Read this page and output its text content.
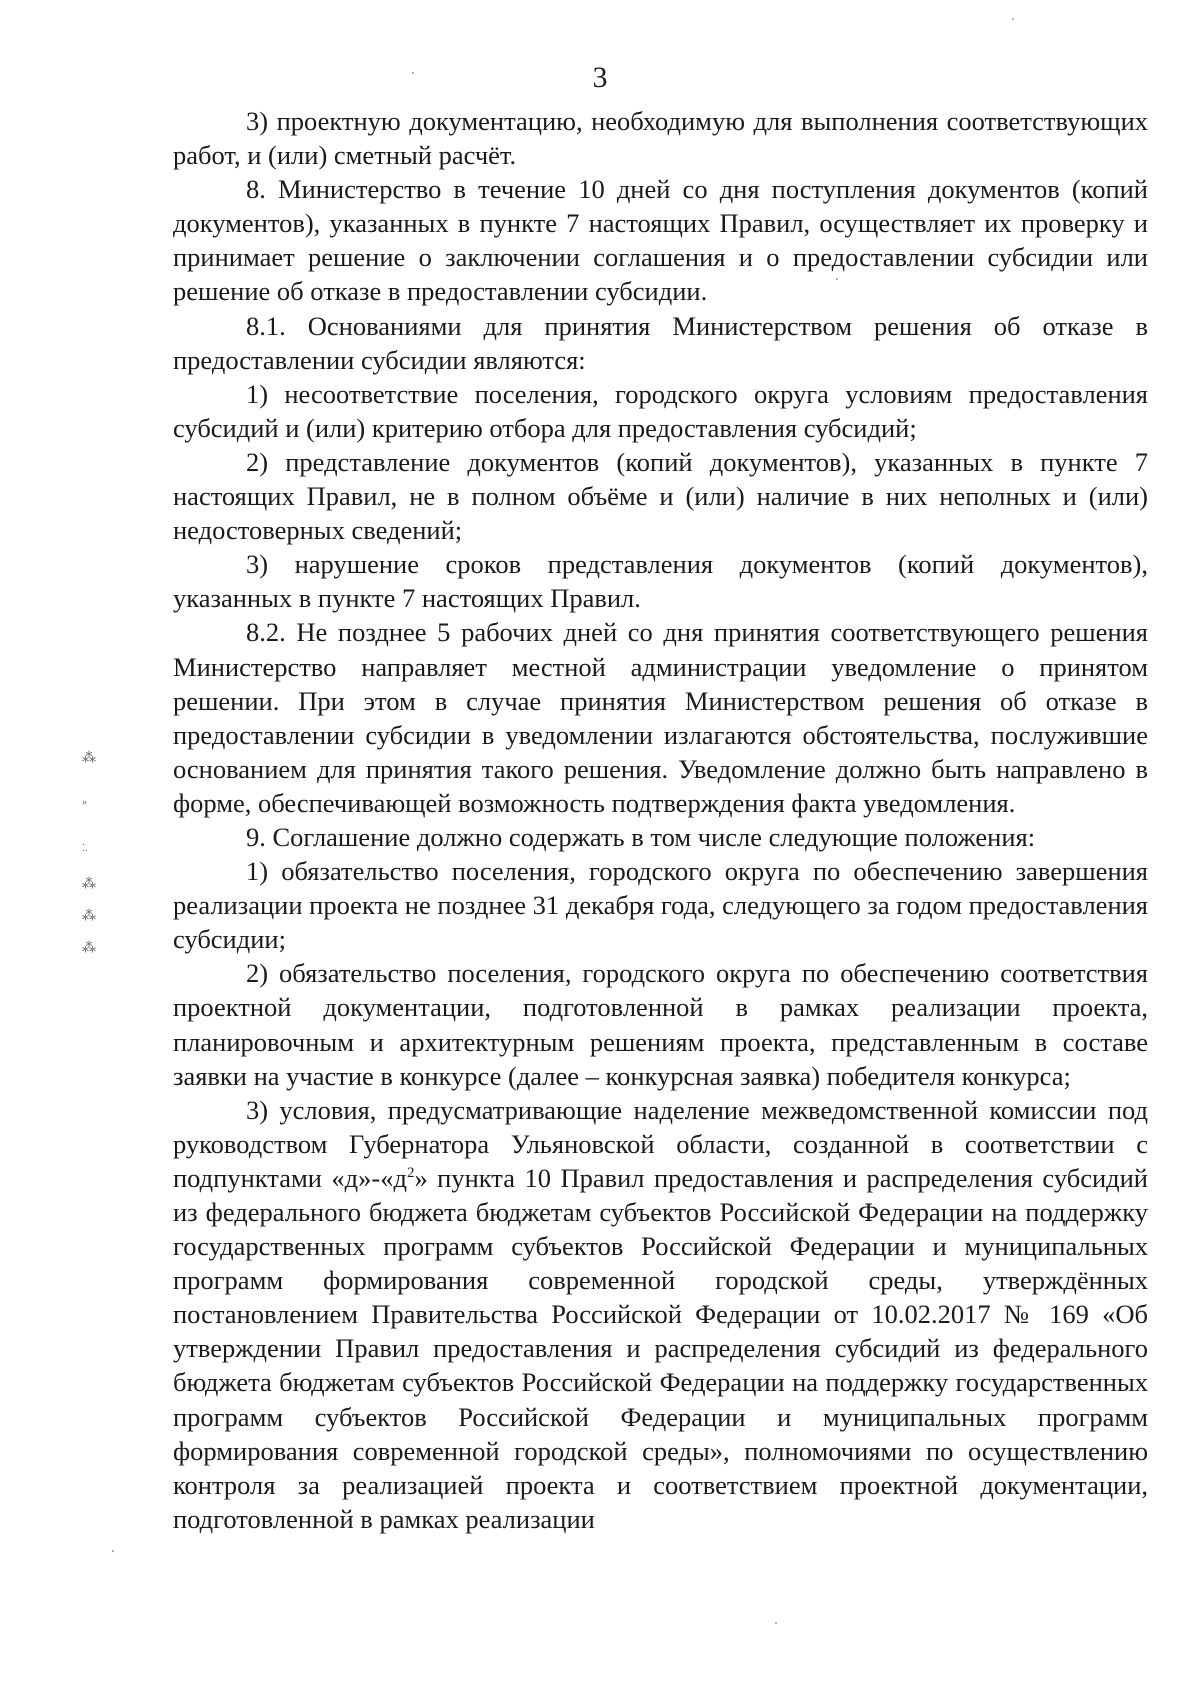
3

3) проектную документацию, необходимую для выполнения соответствующих работ, и (или) сметный расчёт.

8. Министерство в течение 10 дней со дня поступления документов (копий документов), указанных в пункте 7 настоящих Правил, осуществляет их проверку и принимает решение о заключении соглашения и о предоставлении субсидии или решение об отказе в предоставлении субсидии.

8.1. Основаниями для принятия Министерством решения об отказе в предоставлении субсидии являются:

1) несоответствие поселения, городского округа условиям предоставления субсидий и (или) критерию отбора для предоставления субсидий;

2) представление документов (копий документов), указанных в пункте 7 настоящих Правил, не в полном объёме и (или) наличие в них неполных и (или) недостоверных сведений;

3) нарушение сроков представления документов (копий документов), указанных в пункте 7 настоящих Правил.

8.2. Не позднее 5 рабочих дней со дня принятия соответствующего решения Министерство направляет местной администрации уведомление о принятом решении. При этом в случае принятия Министерством решения об отказе в предоставлении субсидии в уведомлении излагаются обстоятельства, послужившие основанием для принятия такого решения. Уведомление должно быть направлено в форме, обеспечивающей возможность подтверждения факта уведомления.

9. Соглашение должно содержать в том числе следующие положения:

1) обязательство поселения, городского округа по обеспечению завершения реализации проекта не позднее 31 декабря года, следующего за годом предоставления субсидии;

2) обязательство поселения, городского округа по обеспечению соответствия проектной документации, подготовленной в рамках реализации проекта, планировочным и архитектурным решениям проекта, представленным в составе заявки на участие в конкурсе (далее – конкурсная заявка) победителя конкурса;

3) условия, предусматривающие наделение межведомственной комиссии под руководством Губернатора Ульяновской области, созданной в соответствии с подпунктами «$д»-«д^2$» пункта 10 Правил предоставления и распределения субсидий из федерального бюджета бюджетам субъектов Российской Федерации на поддержку государственных программ субъектов Российской Федерации и муниципальных программ формирования современной городской среды, утверждённых постановлением Правительства Российской Федерации от 10.02.2017 № 169 «Об утверждении Правил предоставления и распределения субсидий из федерального бюджета бюджетам субъектов Российской Федерации на поддержку государственных программ субъектов Российской Федерации и муниципальных программ формирования современной городской среды», полномочиями по осуществлению контроля за реализацией проекта и соответствием проектной документации, подготовленной в рамках реализации

⁂
»
⁚.
⁂
⁂
⁂
